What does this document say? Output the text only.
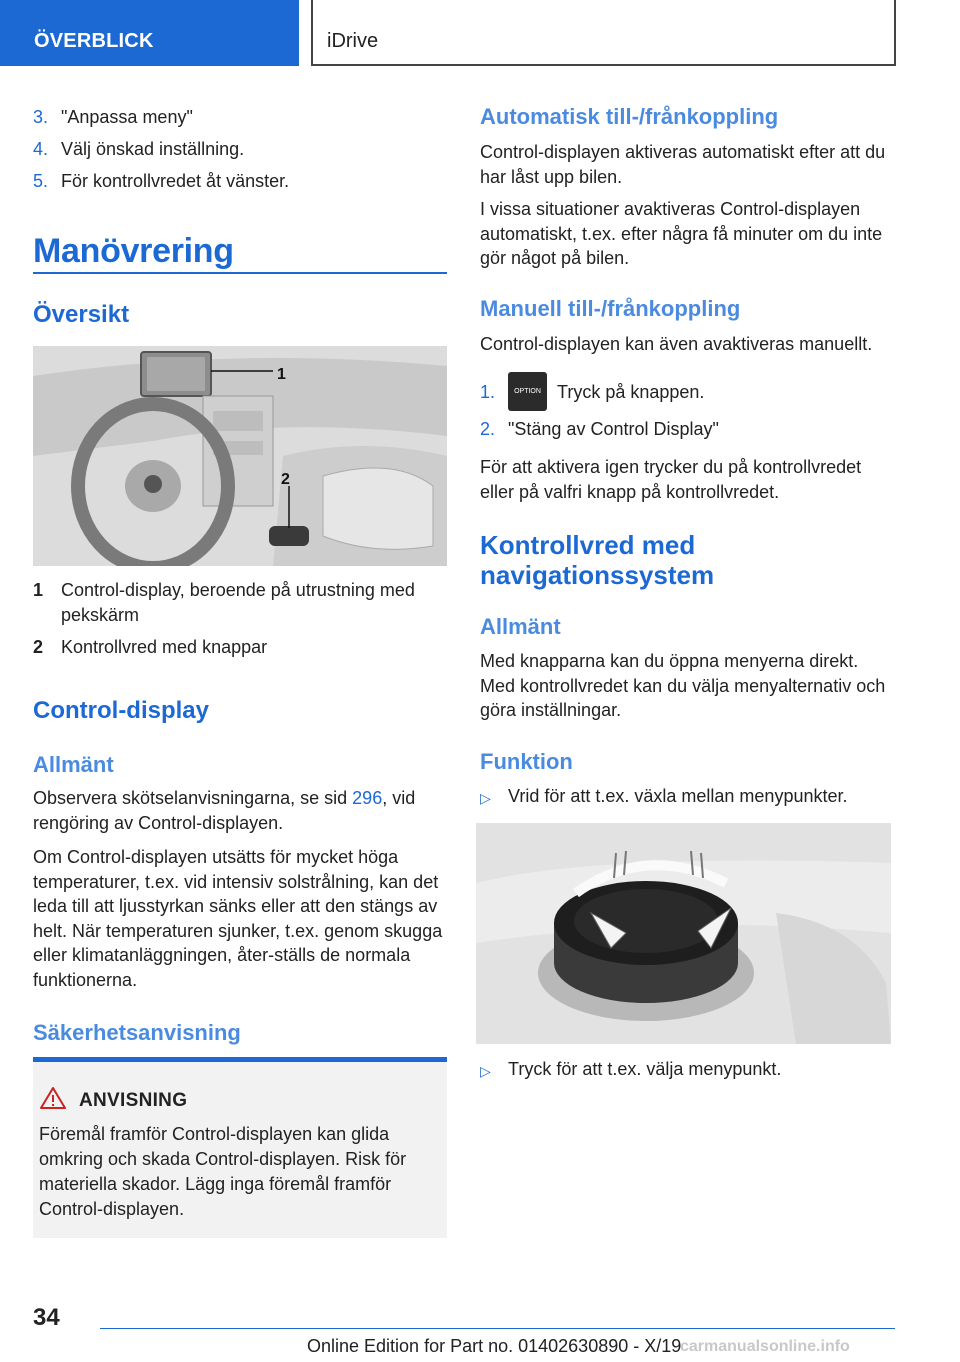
ÖVERBLICK	iDrive
3. "Anpassa meny"
4. Välj önskad inställning.
5. För kontrollvredet åt vänster.
Manövrering
Översikt
1
2
1 Control-display, beroende på utrustning med pekskärm
2 Kontrollvred med knappar
Control-display
Allmänt
Observera skötselanvisningarna, se sid 296, vid rengöring av Control-displayen.
Om Control-displayen utsätts för mycket höga temperaturer, t.ex. vid intensiv solstrålning, kan det leda till att ljusstyrkan sänks eller att den stängs av helt. När temperaturen sjunker, t.ex. genom skugga eller klimatanläggningen, åter-ställs de normala funktionerna.
Säkerhetsanvisning
ANVISNING
Föremål framför Control-displayen kan glida omkring och skada Control-displayen. Risk för materiella skador. Lägg inga föremål framför Control-displayen.
Automatisk till-/frånkoppling
Control-displayen aktiveras automatiskt efter att du har låst upp bilen.
I vissa situationer avaktiveras Control-displayen automatiskt, t.ex. efter några få minuter om du inte gör något på bilen.
Manuell till-/frånkoppling
Control-displayen kan även avaktiveras manuellt.
1.	OPTION Tryck på knappen.
2. "Stäng av Control Display"
För att aktivera igen trycker du på kontrollvredet eller på valfri knapp på kontrollvredet.
Kontrollvred med navigationssystem
Allmänt
Med knapparna kan du öppna menyerna direkt. Med kontrollvredet kan du välja menyalternativ och göra inställningar.
Funktion
▷ Vrid för att t.ex. växla mellan menypunkter.
▷ Tryck för att t.ex. välja menypunkt.
34
Online Edition for Part no. 01402630890 - X/19
carmanualsonline.info
